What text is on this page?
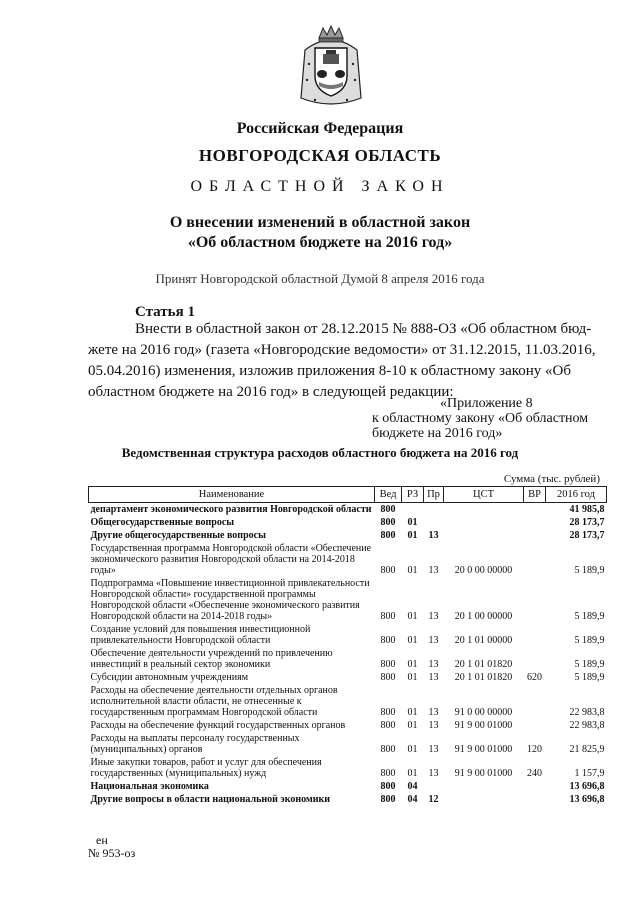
Российская Федерация
НОВГОРОДСКАЯ ОБЛАСТЬ
ОБЛАСТНОЙ ЗАКОН
О внесении изменений в областной закон
«Об областном бюджете на 2016 год»
Принят Новгородской областной Думой 8 апреля 2016 года
Статья 1
Внести в областной закон от 28.12.2015 № 888-ОЗ «Об областном бюд-
жете на 2016 год» (газета «Новгородские ведомости» от 31.12.2015, 11.03.2016,
05.04.2016) изменения, изложив приложения 8-10 к областному закону «Об
областном бюджете на 2016 год» в следующей редакции:
«Приложение 8
к областному закону «Об областном
бюджете на 2016 год»
Ведомственная структура расходов областного бюджета на 2016 год
Сумма (тыс. рублей)
Наименование	Вед	РЗ	Пр	ЦСТ	ВР	2016 год
департамент экономического развития Новгородской области	800					41 985,8
Общегосударственные вопросы	800	01				28 173,7
Другие общегосударственные вопросы	800	01	13			28 173,7
Государственная программа Новгородской области «Обеспечение экономического развития Новгородской области на 2014-2018 годы»	800	01	13	20 0 00 00000		5 189,9
Подпрограмма «Повышение инвестиционной привлекательности Новгородской области» государственной программы Новгородской области «Обеспечение экономического развития Новгородской области на 2014-2018 годы»	800	01	13	20 1 00 00000		5 189,9
Создание условий для повышения инвестиционной привлекательности Новгородской области	800	01	13	20 1 01 00000		5 189,9
Обеспечение деятельности учреждений по привлечению инвестиций в реальный сектор экономики	800	01	13	20 1 01 01820		5 189,9
Субсидии автономным учреждениям	800	01	13	20 1 01 01820	620	5 189,9
Расходы на обеспечение деятельности отдельных органов исполнительной власти области, не отнесенные к государственным программам Новгородской области	800	01	13	91 0 00 00000		22 983,8
Расходы на обеспечение функций государственных органов	800	01	13	91 9 00 01000		22 983,8
Расходы на выплаты персоналу государственных (муниципальных) органов	800	01	13	91 9 00 01000	120	21 825,9
Иные закупки товаров, работ и услуг для обеспечения государственных (муниципальных) нужд	800	01	13	91 9 00 01000	240	1 157,9
Национальная экономика	800	04				13 696,8
Другие вопросы в области национальной экономики	800	04	12			13 696,8
ен
№ 953-оз
